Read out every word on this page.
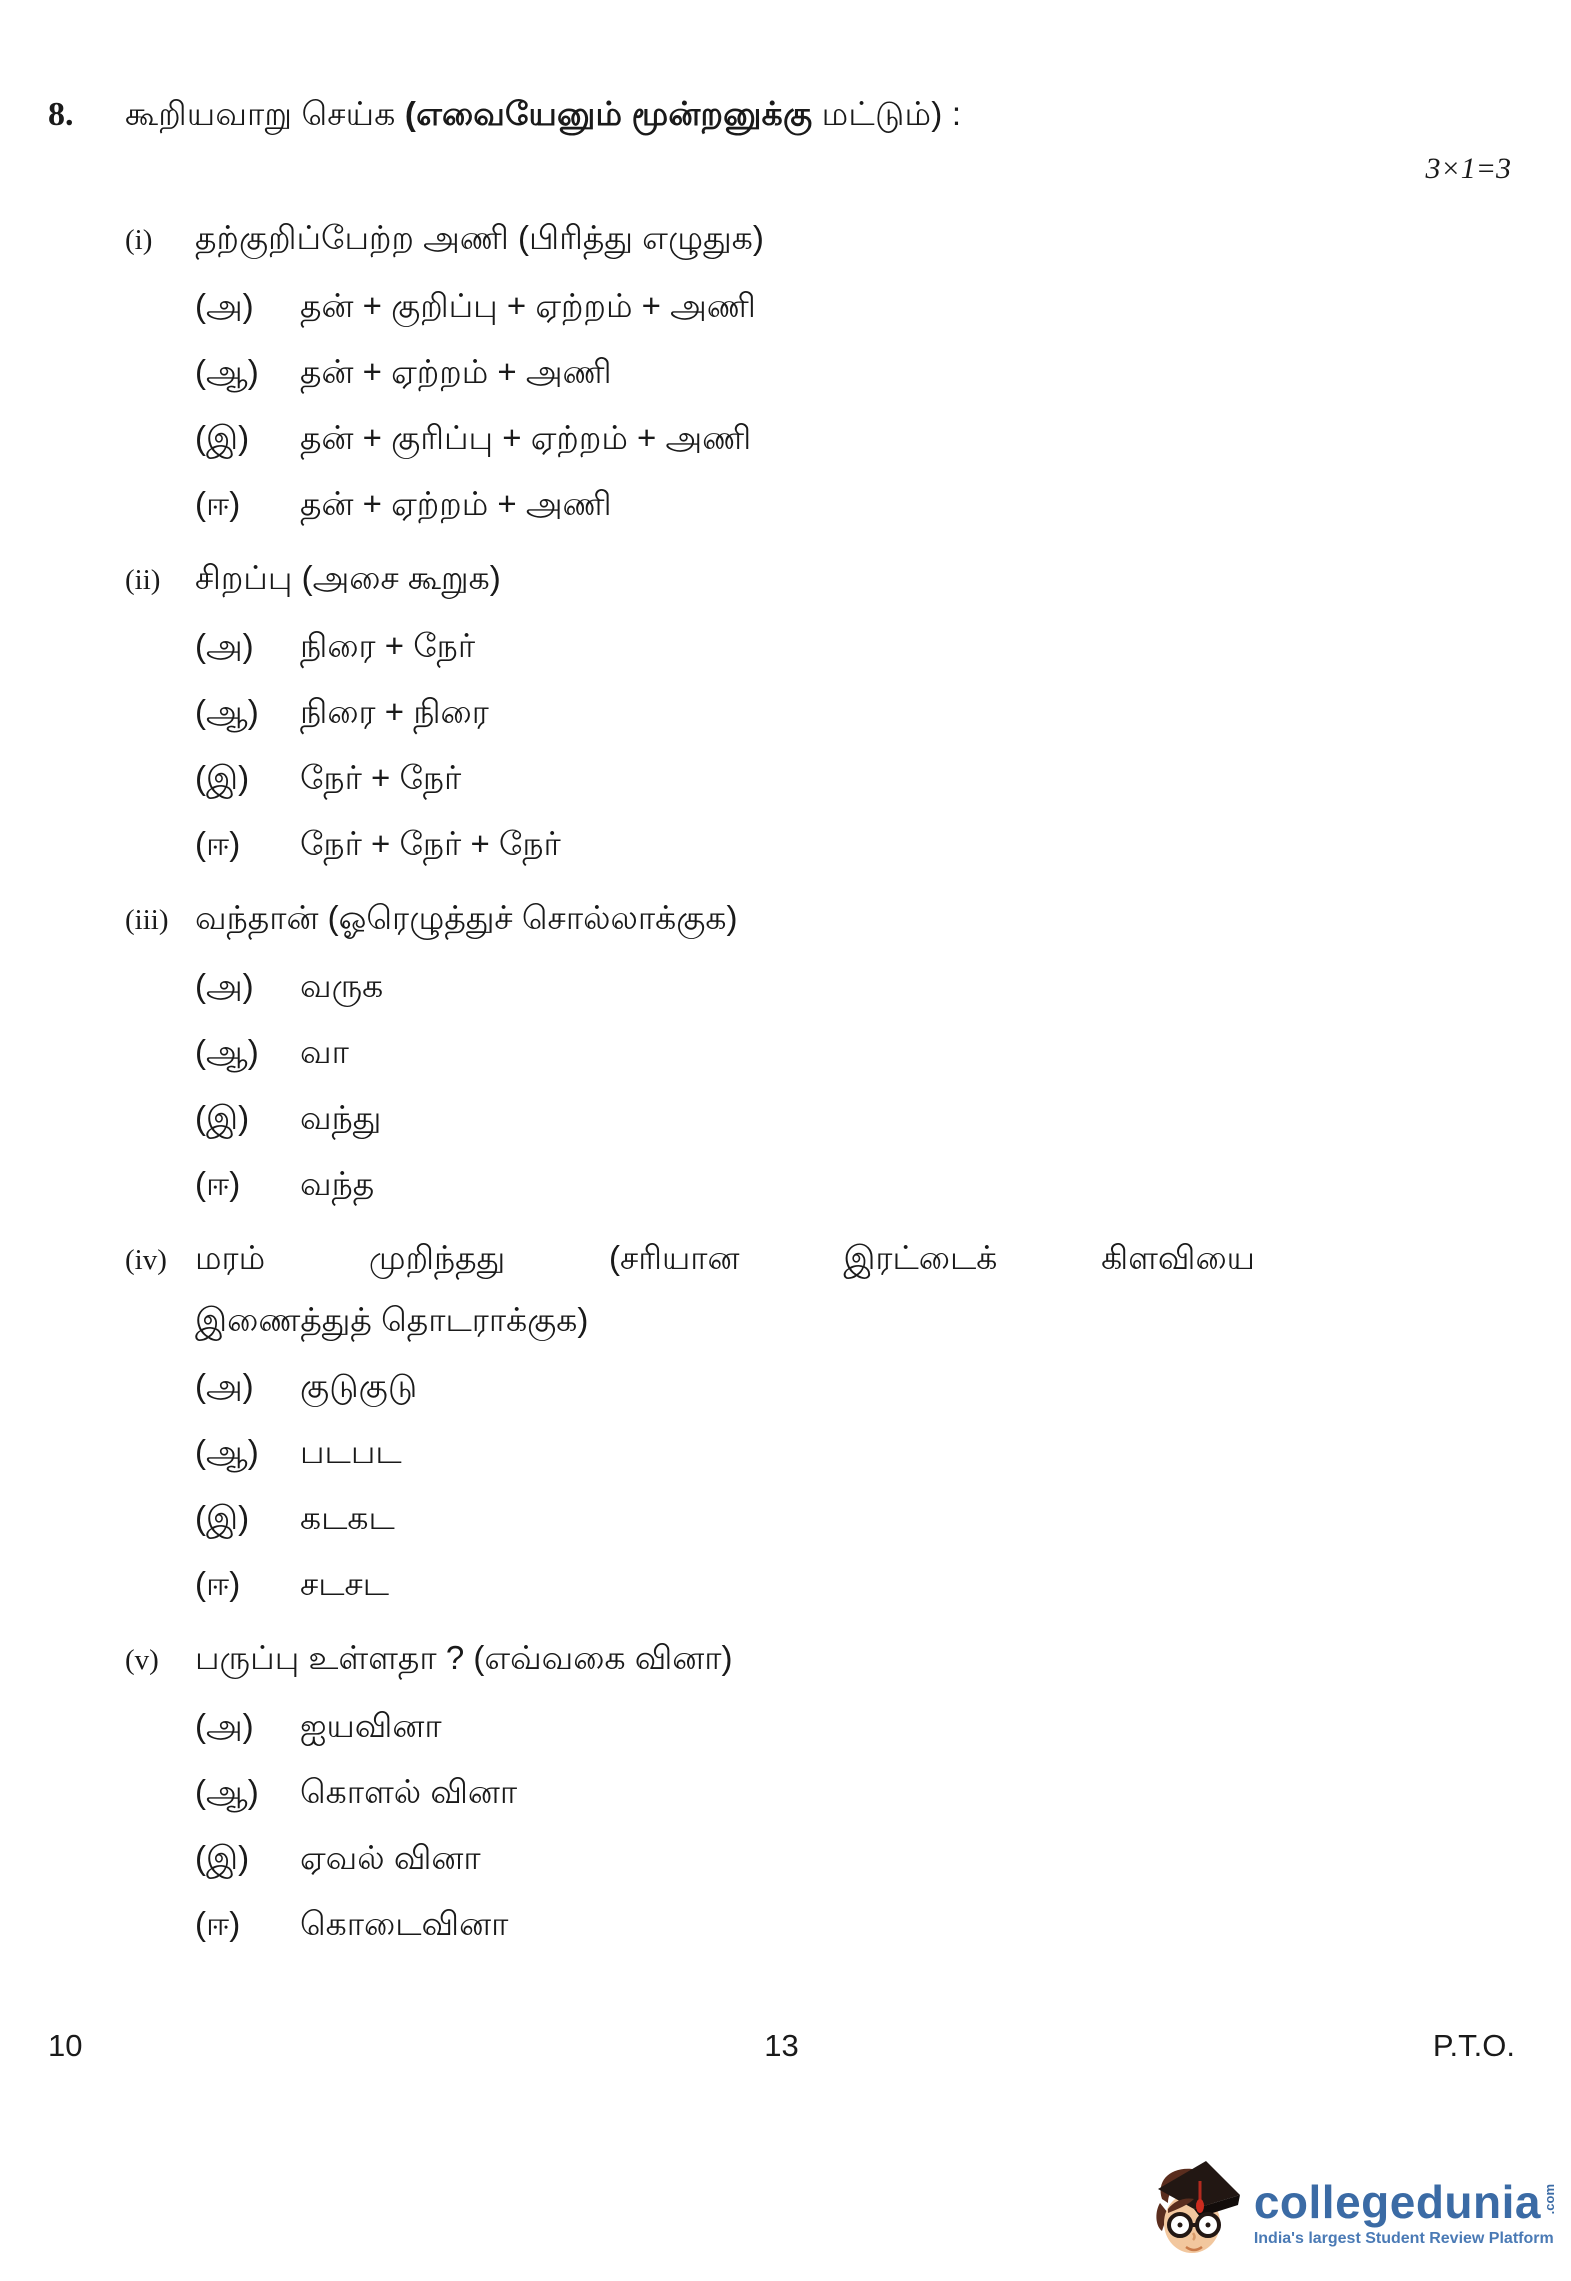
8.	கூறியவாறு செய்க (எவையேனும் மூன்றனுக்கு மட்டும்) :
3×1=3
(i)	தற்குறிப்பேற்ற அணி (பிரித்து எழுதுக)
(அ)	தன் + குறிப்பு + ஏற்றம் + அணி
(ஆ)	தன் + ஏற்றம் + அணி
(இ)	தன் + குரிப்பு + ஏற்றம் + அணி
(ஈ)	தன் + ஏற்றம் + அணி
(ii)	சிறப்பு (அசை கூறுக)
(அ)	நிரை + நேர்
(ஆ)	நிரை + நிரை
(இ)	நேர் + நேர்
(ஈ)	நேர் + நேர் + நேர்
(iii) வந்தான் (ஓரெழுத்துச் சொல்லாக்குக)
(அ)	வருக
(ஆ)	வா
(இ)	வந்து
(ஈ)	வந்த
(iv) மரம்	முறிந்தது	(சரியான	இரட்டைக்	கிளவியை
இணைத்துத் தொடராக்குக)
(அ)	குடுகுடு
(ஆ)	படபட
(இ)	கடகட
(ஈ)	சடசட
(v)	பருப்பு உள்ளதா ? (எவ்வகை வினா)
(அ)	ஐயவினா
(ஆ)	கொளல் வினா
(இ)	ஏவல் வினா
(ஈ)	கொடைவினா
13
10	P.T.O.
collegedunia .com
India's largest Student Review Platform
